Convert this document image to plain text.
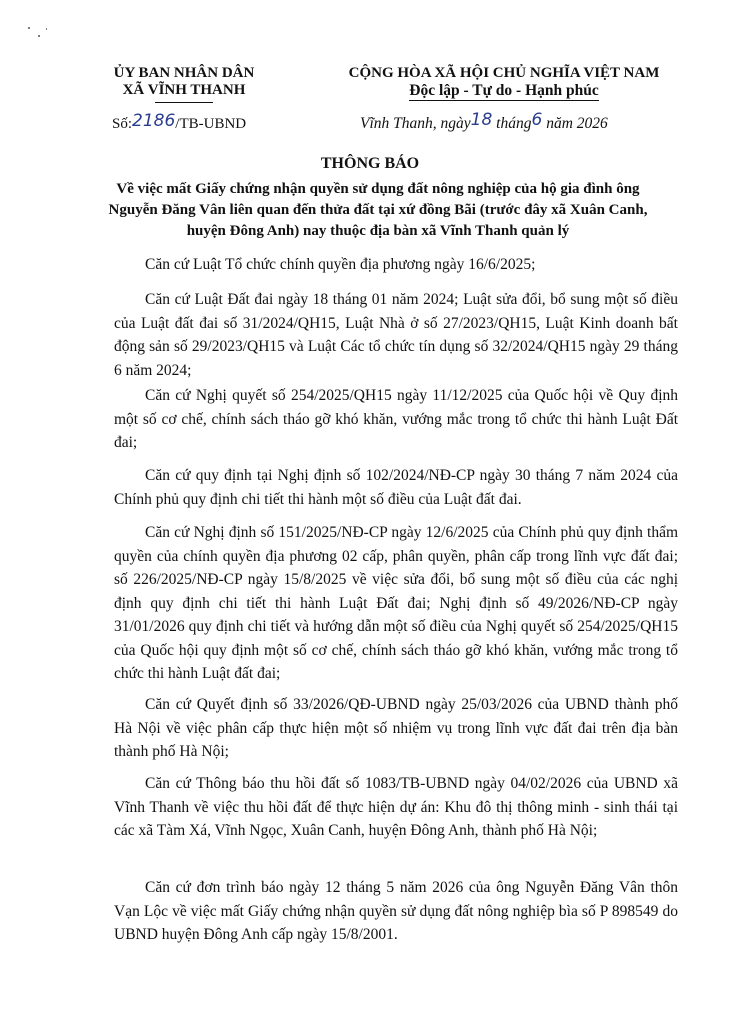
ỦY BAN NHÂN DÂN
XÃ VĨNH THANH
CỘNG HÒA XÃ HỘI CHỦ NGHĨA VIỆT NAM
Độc lập - Tự do - Hạnh phúc
Số:2186/TB-UBND	Vĩnh Thanh, ngày18 tháng6 năm 2026
THÔNG BÁO
Về việc mất Giấy chứng nhận quyền sử dụng đất nông nghiệp của hộ gia đình ông Nguyễn Đăng Vân liên quan đến thửa đất tại xứ đồng Bãi (trước đây xã Xuân Canh, huyện Đông Anh) nay thuộc địa bàn xã Vĩnh Thanh quản lý

Căn cứ Luật Tổ chức chính quyền địa phương ngày 16/6/2025;

Căn cứ Luật Đất đai ngày 18 tháng 01 năm 2024; Luật sửa đổi, bổ sung một số điều của Luật đất đai số 31/2024/QH15, Luật Nhà ở số 27/2023/QH15, Luật Kinh doanh bất động sản số 29/2023/QH15 và Luật Các tổ chức tín dụng số 32/2024/QH15 ngày 29 tháng 6 năm 2024;

Căn cứ Nghị quyết số 254/2025/QH15 ngày 11/12/2025 của Quốc hội về Quy định một số cơ chế, chính sách tháo gỡ khó khăn, vướng mắc trong tổ chức thi hành Luật Đất đai;

Căn cứ quy định tại Nghị định số 102/2024/NĐ-CP ngày 30 tháng 7 năm 2024 của Chính phủ quy định chi tiết thi hành một số điều của Luật đất đai.

Căn cứ Nghị định số 151/2025/NĐ-CP ngày 12/6/2025 của Chính phủ quy định thẩm quyền của chính quyền địa phương 02 cấp, phân quyền, phân cấp trong lĩnh vực đất đai; số 226/2025/NĐ-CP ngày 15/8/2025 về việc sửa đổi, bổ sung một số điều của các nghị định quy định chi tiết thi hành Luật Đất đai; Nghị định số 49/2026/NĐ-CP ngày 31/01/2026 quy định chi tiết và hướng dẫn một số điều của Nghị quyết số 254/2025/QH15 của Quốc hội quy định một số cơ chế, chính sách tháo gỡ khó khăn, vướng mắc trong tổ chức thi hành Luật đất đai;

Căn cứ Quyết định số 33/2026/QĐ-UBND ngày 25/03/2026 của UBND thành phố Hà Nội về việc phân cấp thực hiện một số nhiệm vụ trong lĩnh vực đất đai trên địa bàn thành phố Hà Nội;

Căn cứ Thông báo thu hồi đất số 1083/TB-UBND ngày 04/02/2026 của UBND xã Vĩnh Thanh về việc thu hồi đất để thực hiện dự án: Khu đô thị thông minh - sinh thái tại các xã Tàm Xá, Vĩnh Ngọc, Xuân Canh, huyện Đông Anh, thành phố Hà Nội;

Căn cứ đơn trình báo ngày 12 tháng 5 năm 2026 của ông Nguyễn Đăng Vân thôn Vạn Lộc về việc mất Giấy chứng nhận quyền sử dụng đất nông nghiệp bìa số P 898549 do UBND huyện Đông Anh cấp ngày 15/8/2001.
